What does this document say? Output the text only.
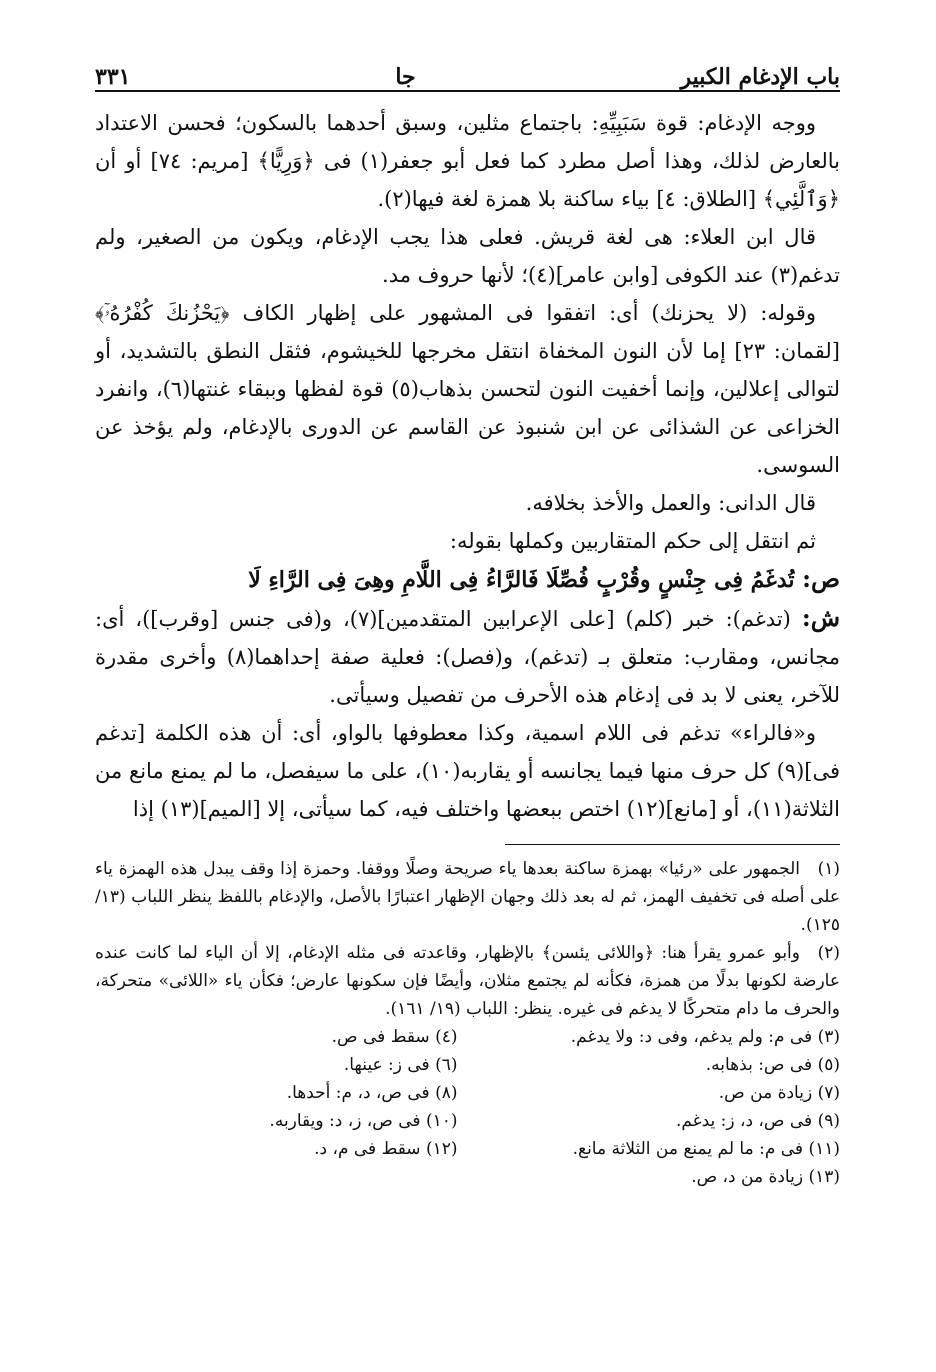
باب الإدغام الكبير
جا
٣٣١

ووجه الإدغام: قوة سَبَبِيِّهِ: باجتماع مثلين، وسبق أحدهما بالسكون؛ فحسن الاعتداد بالعارض لذلك، وهذا أصل مطرد كما فعل أبو جعفر(١) فى ﴿وَرِيًّا﴾ [مريم: ٧٤] أو أن ﴿وَٱلَّئِي﴾ [الطلاق: ٤] بياء ساكنة بلا همزة لغة فيها(٢).

قال ابن العلاء: هى لغة قريش. فعلى هذا يجب الإدغام، ويكون من الصغير، ولم تدغم(٣) عند الكوفى [وابن عامر](٤)؛ لأنها حروف مد.

وقوله: (لا يحزنك) أى: اتفقوا فى المشهور على إظهار الكاف ﴿يَحْزُنكَ كُفْرُهُۥٓ﴾ [لقمان: ٢٣] إما لأن النون المخفاة انتقل مخرجها للخيشوم، فثقل النطق بالتشديد، أو لتوالى إعلالين، وإنما أخفيت النون لتحسن بذهاب(٥) قوة لفظها وببقاء غنتها(٦)، وانفرد الخزاعى عن الشذائى عن ابن شنبوذ عن القاسم عن الدورى بالإدغام، ولم يؤخذ عن السوسى.

قال الدانى: والعمل والأخذ بخلافه.

ثم انتقل إلى حكم المتقاربين وكملها بقوله:

ص: تُدغَمُ فِى جِنْسٍ وقُرْبٍ فُصِّلَا فَالرَّاءُ فِى اللَّامِ وهِىَ فِى الرَّاءِ لَا

ش: (تدغم): خبر (كلم) [على الإعرابين المتقدمين](٧)، و(فى جنس [وقرب])، أى: مجانس، ومقارب: متعلق بـ (تدغم)، و(فصل): فعلية صفة إحداهما(٨) وأخرى مقدرة للآخر، يعنى لا بد فى إدغام هذه الأحرف من تفصيل وسيأتى.

و«فالراء» تدغم فى اللام اسمية، وكذا معطوفها بالواو، أى: أن هذه الكلمة [تدغم فى](٩) كل حرف منها فيما يجانسه أو يقاربه(١٠)، على ما سيفصل، ما لم يمنع مانع من الثلاثة(١١)، أو [مانع](١٢) اختص ببعضها واختلف فيه، كما سيأتى، إلا [الميم](١٣) إذا

(١)الجمهور على «رئيا» بهمزة ساكنة بعدها ياء صريحة وصلًا ووقفا. وحمزة إذا وقف يبدل هذه الهمزة ياء على أصله فى تخفيف الهمز، ثم له بعد ذلك وجهان الإظهار اعتبارًا بالأصل، والإدغام باللفظ ينظر اللباب (١٣/ ١٢٥).

(٢)وأبو عمرو يقرأ هنا: ﴿واللائى يئسن﴾ بالإظهار، وقاعدته فى مثله الإدغام، إلا أن الياء لما كانت عنده عارضة لكونها بدلًا من همزة، فكأنه لم يجتمع مثلان، وأيضًا فإن سكونها عارض؛ فكأن ياء «اللائى» متحركة، والحرف ما دام متحركًا لا يدغم فى غيره. ينظر: اللباب (١٩/ ١٦١).

(٣) فى م: ولم يدغم، وفى د: ولا يدغم.
(٤) سقط فى ص.
(٥) فى ص: بذهابه.
(٦) فى ز: عينها.
(٧) زيادة من ص.
(٨) فى ص، د، م: أحدها.
(٩) فى ص، د، ز: يدغم.
(١٠) فى ص، ز، د: ويقاربه.
(١١) فى م: ما لم يمنع من الثلاثة مانع.
(١٢) سقط فى م، د.
(١٣) زيادة من د، ص.
